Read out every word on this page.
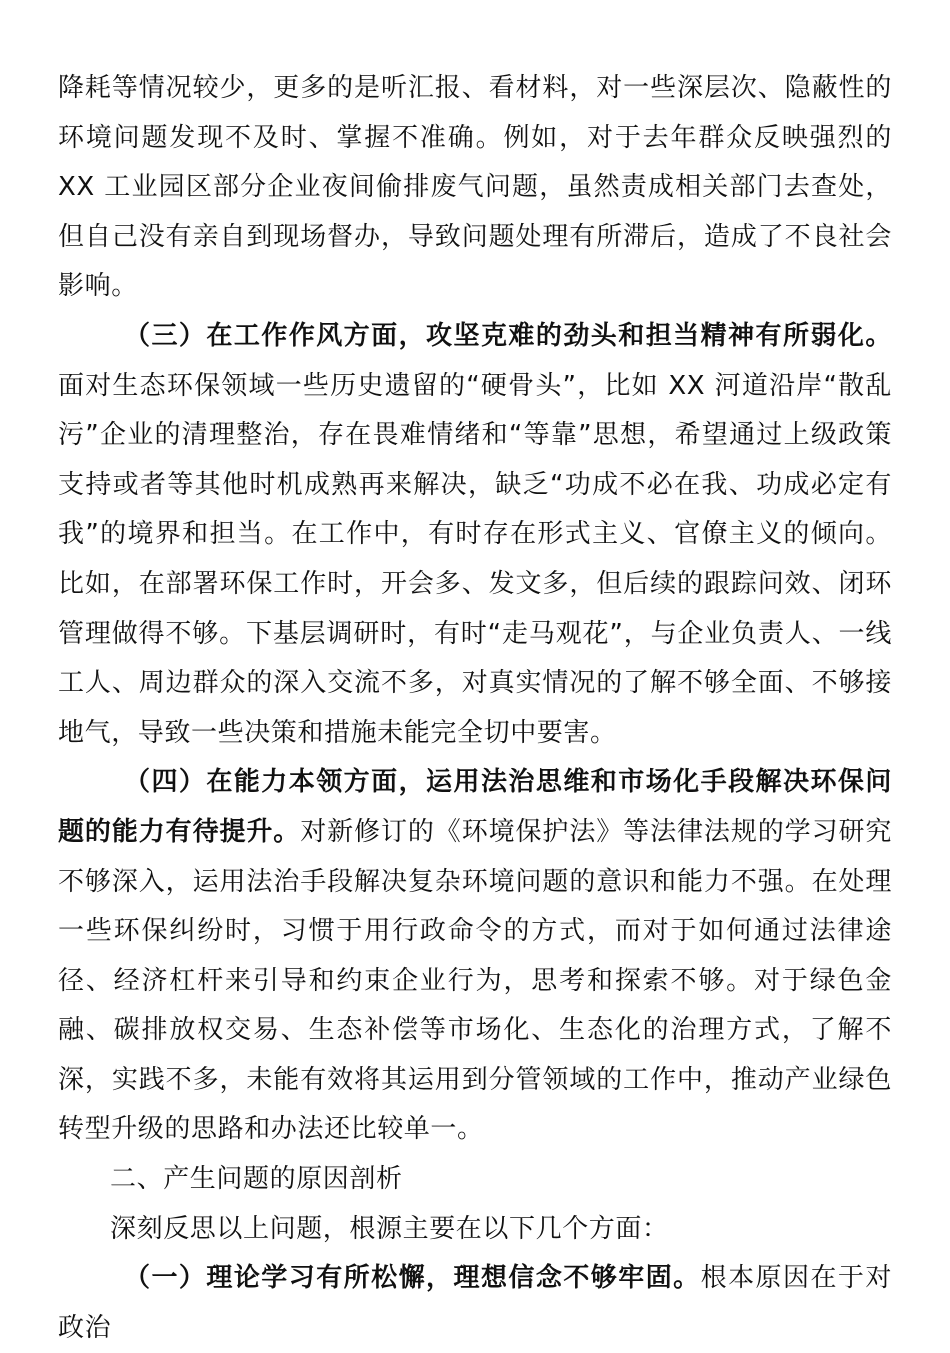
降耗等情况较少，更多的是听汇报、看材料，对一些深层次、隐蔽性的环境问题发现不及时、掌握不准确。例如，对于去年群众反映强烈的 XX 工业园区部分企业夜间偷排废气问题，虽然责成相关部门去查处，但自己没有亲自到现场督办，导致问题处理有所滞后，造成了不良社会影响。

（三）在工作作风方面，攻坚克难的劲头和担当精神有所弱化。面对生态环保领域一些历史遗留的“硬骨头”，比如 XX 河道沿岸“散乱污”企业的清理整治，存在畏难情绪和“等靠”思想，希望通过上级政策支持或者等其他时机成熟再来解决，缺乏“功成不必在我、功成必定有我”的境界和担当。在工作中，有时存在形式主义、官僚主义的倾向。比如，在部署环保工作时，开会多、发文多，但后续的跟踪问效、闭环管理做得不够。下基层调研时，有时“走马观花”，与企业负责人、一线工人、周边群众的深入交流不多，对真实情况的了解不够全面、不够接地气，导致一些决策和措施未能完全切中要害。

（四）在能力本领方面，运用法治思维和市场化手段解决环保问题的能力有待提升。对新修订的《环境保护法》等法律法规的学习研究不够深入，运用法治手段解决复杂环境问题的意识和能力不强。在处理一些环保纠纷时，习惯于用行政命令的方式，而对于如何通过法律途径、经济杠杆来引导和约束企业行为，思考和探索不够。对于绿色金融、碳排放权交易、生态补偿等市场化、生态化的治理方式，了解不深，实践不多，未能有效将其运用到分管领域的工作中，推动产业绿色转型升级的思路和办法还比较单一。

二、产生问题的原因剖析

深刻反思以上问题，根源主要在以下几个方面：

（一）理论学习有所松懈，理想信念不够牢固。根本原因在于对政治
